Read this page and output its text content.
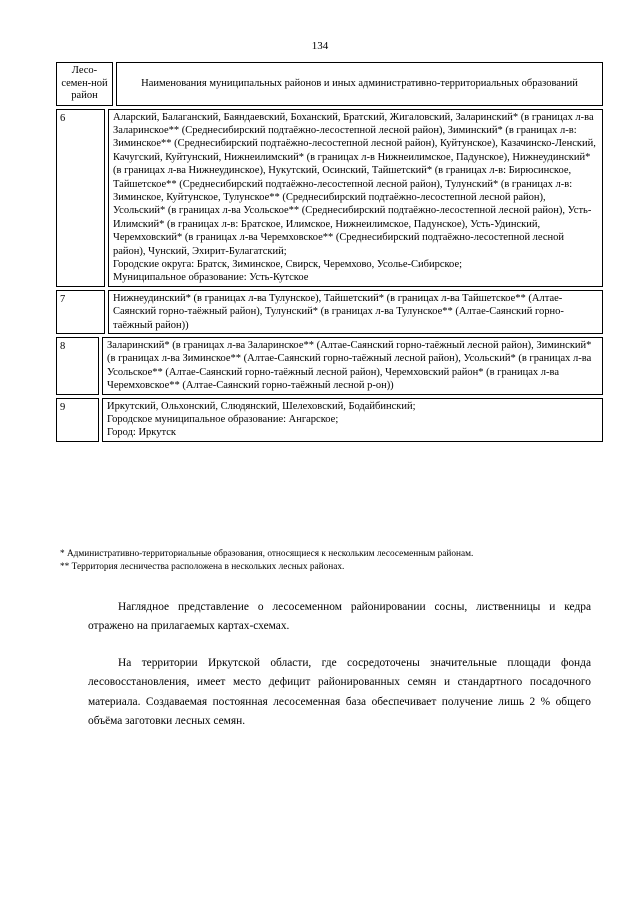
134
Лесо-семен-ной район
Наименования муниципальных районов и иных административно-территориальных образований
6	Аларский, Балаганский, Баяндаевский, Боханский, Братский, Жигаловский, Заларинский* (в границах л-ва Заларинское** (Среднесибирский подтаёжно-лесостепной лесной район), Зиминский* (в границах л-в: Зиминское** (Среднесибирский подтаёжно-лесостепной лесной район), Куйтунское), Казачинско-Ленский, Качугский, Куйтунский, Нижнеилимский* (в границах л-в Нижнеилимское, Падунское), Нижнеудинский* (в границах л-ва Нижнеудинское), Нукутский, Осинский, Тайшетский* (в границах л-в: Бирюсинское, Тайшетское** (Среднесибирский подтаёжно-лесостепной лесной район), Тулунский* (в границах л-в: Зиминское, Куйтунское, Тулунское** (Среднесибирский подтаёжно-лесостепной лесной район), Усольский* (в границах л-ва Усольское** (Среднесибирский подтаёжно-лесостепной лесной район), Усть-Илимский* (в границах л-в: Братское, Илимское, Нижнеилимское, Падунское), Усть-Удинский, Черемховский* (в границах л-ва Черемховское** (Среднесибирский подтаёжно-лесостепной лесной район), Чунский, Эхирит-Булагатский;
Городские округа: Братск, Зиминское, Свирск, Черемхово, Усолье-Сибирское;
Муниципальное образование: Усть-Кутское
7	Нижнеудинский* (в границах л-ва Тулунское), Тайшетский* (в границах л-ва Тайшетское** (Алтае-Саянский горно-таёжный район), Тулунский* (в границах л-ва Тулунское** (Алтае-Саянский горно-таёжный район))
8	Заларинский* (в границах л-ва Заларинское** (Алтае-Саянский горно-таёжный лесной район), Зиминский* (в границах л-ва Зиминское** (Алтае-Саянский горно-таёжный лесной район), Усольский* (в границах л-ва Усольское** (Алтае-Саянский горно-таёжный лесной район), Черемховский район* (в границах л-ва Черемховское** (Алтае-Саянский горно-таёжный лесной р-он))
9	Иркутский, Ольхонский, Слюдянский, Шелеховский, Бодайбинский;
Городское муниципальное образование: Ангарское;
Город: Иркутск
* Административно-территориальные образования, относящиеся к нескольким лесосеменным районам.
** Территория лесничества расположена в нескольких лесных районах.

Наглядное представление о лесосеменном районировании сосны, лиственницы и кедра отражено на прилагаемых картах-схемах.

На территории Иркутской области, где сосредоточены значительные площади фонда лесовосстановления, имеет место дефицит районированных семян и стандартного посадочного материала. Создаваемая постоянная лесосеменная база обеспечивает получение лишь 2 % общего объёма заготовки лесных семян.
